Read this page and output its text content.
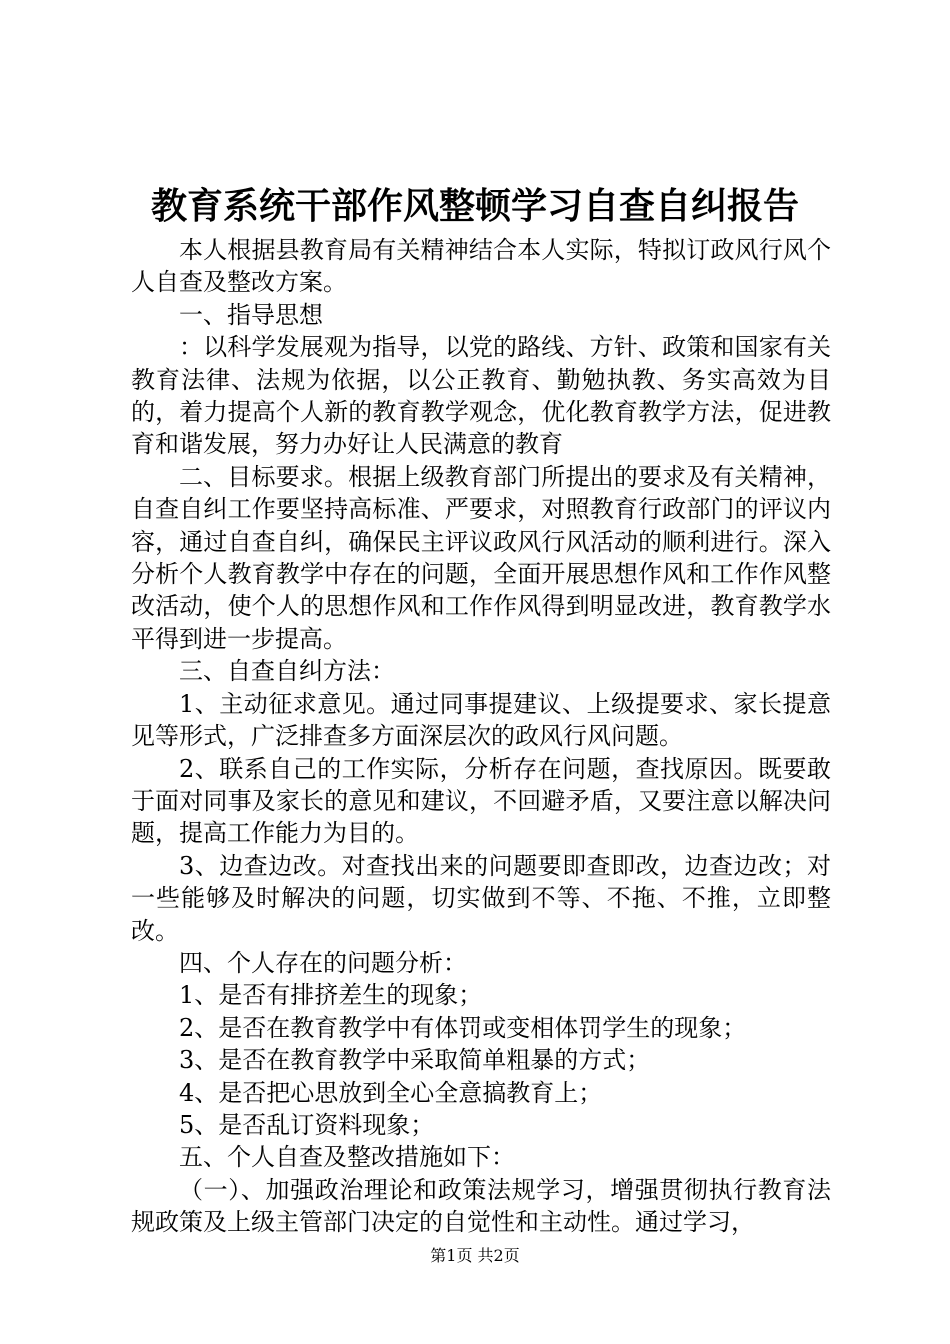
教育系统干部作风整顿学习自查自纠报告

本人根据县教育局有关精神结合本人实际，特拟订政风行风个人自查及整改方案。

一、指导思想

：以科学发展观为指导，以党的路线、方针、政策和国家有关教育法律、法规为依据，以公正教育、勤勉执教、务实高效为目的，着力提高个人新的教育教学观念，优化教育教学方法，促进教育和谐发展，努力办好让人民满意的教育

二、目标要求。根据上级教育部门所提出的要求及有关精神，自查自纠工作要坚持高标准、严要求，对照教育行政部门的评议内容，通过自查自纠，确保民主评议政风行风活动的顺利进行。深入分析个人教育教学中存在的问题，全面开展思想作风和工作作风整改活动，使个人的思想作风和工作作风得到明显改进，教育教学水平得到进一步提高。

三、自查自纠方法：

1、主动征求意见。通过同事提建议、上级提要求、家长提意见等形式，广泛排查多方面深层次的政风行风问题。

2、联系自己的工作实际，分析存在问题，查找原因。既要敢于面对同事及家长的意见和建议，不回避矛盾，又要注意以解决问题，提高工作能力为目的。

3、边查边改。对查找出来的问题要即查即改，边查边改；对一些能够及时解决的问题，切实做到不等、不拖、不推，立即整改。

四、个人存在的问题分析：

1、是否有排挤差生的现象；

2、是否在教育教学中有体罚或变相体罚学生的现象；

3、是否在教育教学中采取简单粗暴的方式；

4、是否把心思放到全心全意搞教育上；

5、是否乱订资料现象；

五、个人自查及整改措施如下：

（一）、加强政治理论和政策法规学习，增强贯彻执行教育法规政策及上级主管部门决定的自觉性和主动性。通过学习，

第1页 共2页
